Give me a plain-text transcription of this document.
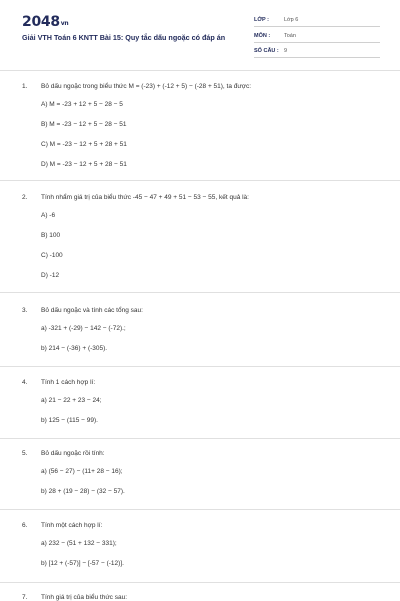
2048vn
Giải VTH Toán 6 KNTT Bài 15: Quy tắc dấu ngoặc có đáp án
LỚP :	Lớp 6
MÔN :	Toán
SỐ CÂU : 9
1. Bỏ dấu ngoặc trong biểu thức M = (-23) + (-12 + 5) − (-28 + 51), ta được:
A) M = -23 + 12 + 5 − 28 − 5
B) M = -23 − 12 + 5 − 28 − 51
C) M = -23 − 12 + 5 + 28 + 51
D) M = -23 − 12 + 5 + 28 − 51
2. Tính nhẩm giá trị của biểu thức -45 − 47 + 49 + 51 − 53 − 55, kết quả là:
A) -6
B) 100
C) -100
D) -12
3. Bỏ dấu ngoặc và tính các tổng sau:
a) -321 + (-29) − 142 − (-72).;
b) 214 − (-36) + (-305).
4. Tính 1 cách hợp lí:
a) 21 − 22 + 23 − 24;
b) 125 − (115 − 99).
5. Bỏ dấu ngoặc rồi tính:
a) (56 − 27) − (11+ 28 − 16);
b) 28 + (19 − 28) − (32 − 57).
6. Tính một cách hợp lí:
a) 232 − (51 + 132 − 331);
b) [12 + (-57)] − [-57 − (-12)].
7. Tính giá trị của biểu thức sau:
